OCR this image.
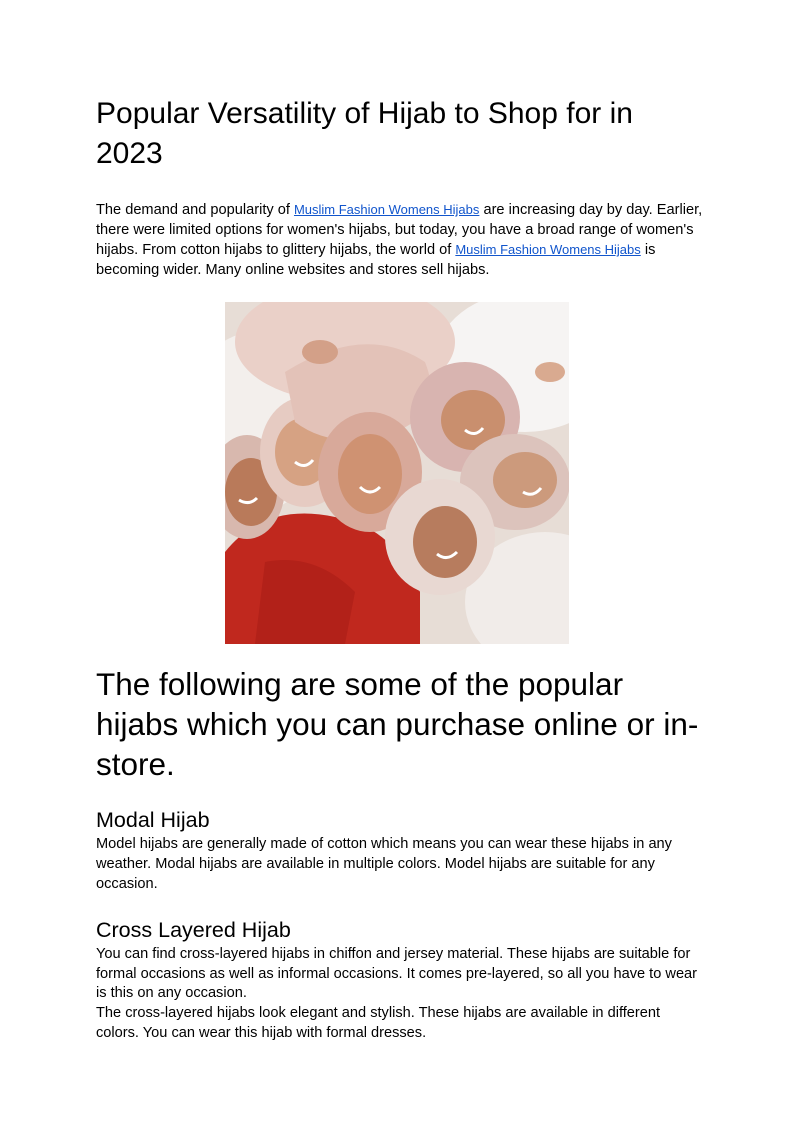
Popular Versatility of Hijab to Shop for in 2023

The demand and popularity of Muslim Fashion Womens Hijabs are increasing day by day. Earlier, there were limited options for women's hijabs, but today, you have a broad range of women's hijabs. From cotton hijabs to glittery hijabs, the world of Muslim Fashion Womens Hijabs is becoming wider. Many online websites and stores sell hijabs.

The following are some of the popular hijabs which you can purchase online or in-store.
Modal Hijab

Model hijabs are generally made of cotton which means you can wear these hijabs in any weather. Modal hijabs are available in multiple colors. Model hijabs are suitable for any occasion.

Cross Layered Hijab

You can find cross-layered hijabs in chiffon and jersey material. These hijabs are suitable for formal occasions as well as informal occasions. It comes pre-layered, so all you have to wear is this on any occasion.

The cross-layered hijabs look elegant and stylish. These hijabs are available in different colors. You can wear this hijab with formal dresses.
